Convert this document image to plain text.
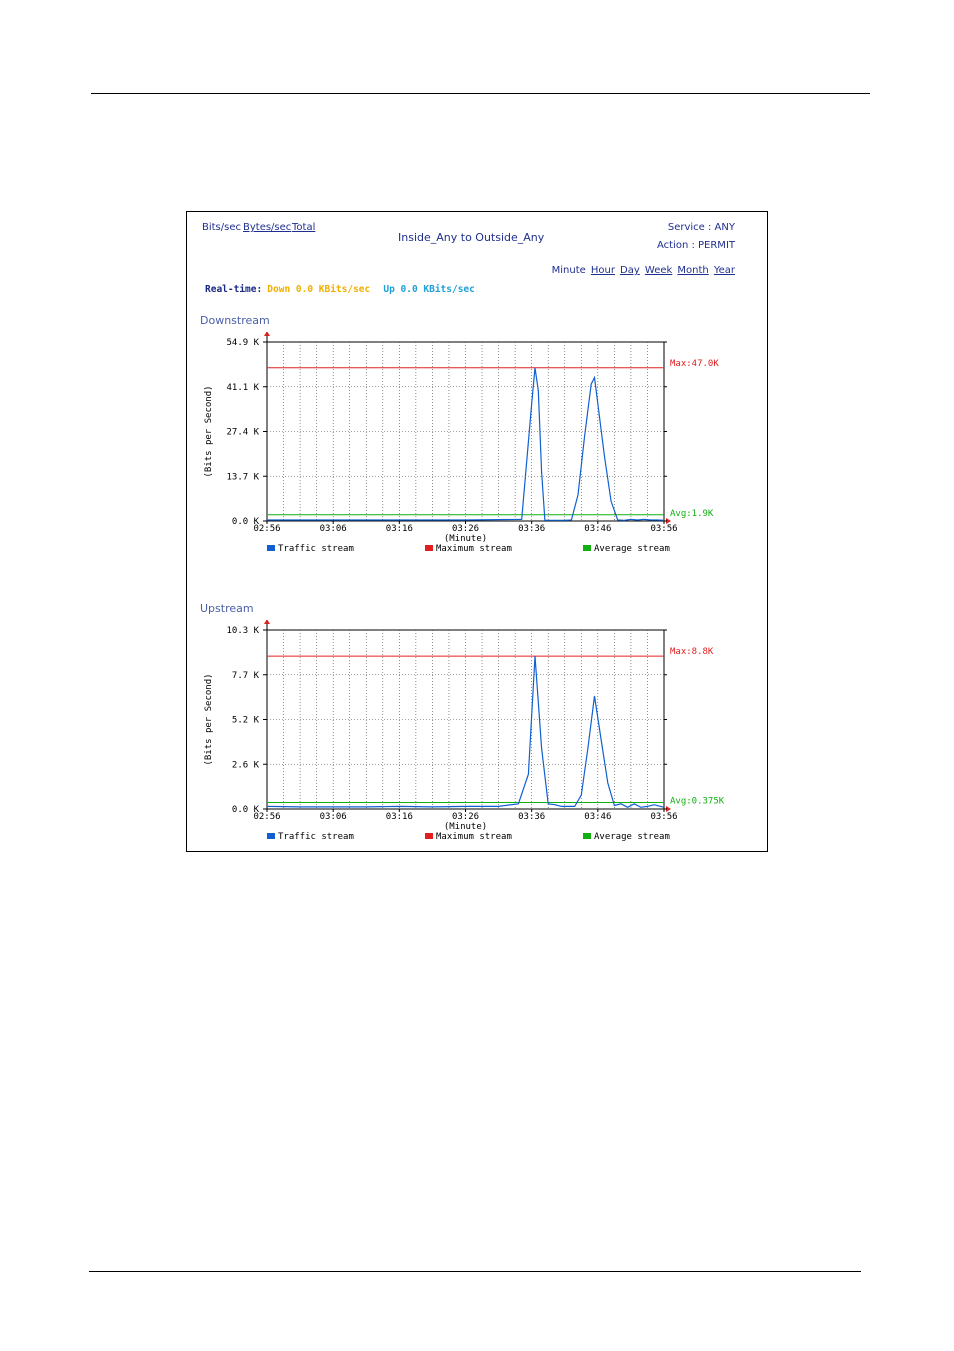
Bits/sec Bytes/sec Total
Inside_Any to Outside_Any
Service : ANY
Action : PERMIT
Minute Hour Day Week Month Year
Real-time: Down 0.0 KBits/sec Up 0.0 KBits/sec
Downstream
54.9 K
41.1 K
27.4 K
13.7 K
0.0 K
02:56	03:06	03:16	03:26	03:36	03:46	03:56
(Minute)
(Bits per Second)
Max:47.0K
Avg:1.9K
Traffic stream	Maximum stream	Average stream
Upstream
10.3 K
7.7 K
5.2 K
2.6 K
0.0 K
02:56	03:06	03:16	03:26	03:36	03:46	03:56
(Minute)
(Bits per Second)
Max:8.8K
Avg:0.375K
Traffic stream	Maximum stream	Average stream
